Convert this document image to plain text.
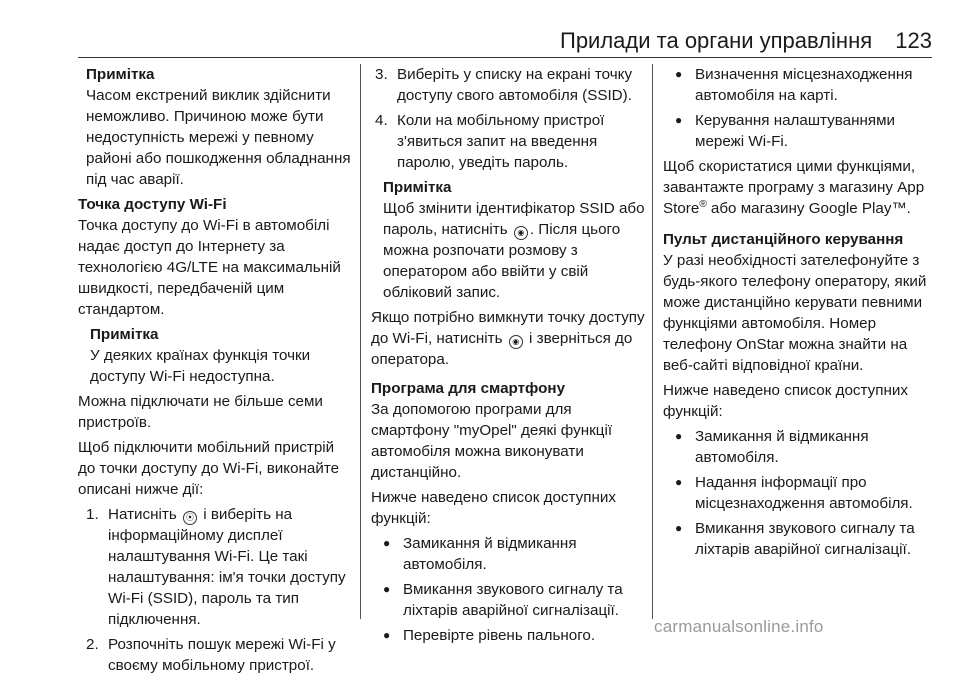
Прилади та органи управління 123
Примітка
Часом екстрений виклик здійснити неможливо. Причиною може бути недоступність мережі у певному районі або пошкодження обладнання під час аварії.
Точка доступу Wi-Fi
Точка доступу до Wi-Fi в автомобілі надає доступ до Інтернету за технологією 4G/LTE на максимальній швидкості, передбаченій цим стандартом.
Примітка
У деяких країнах функція точки доступу Wi-Fi недоступна.
Можна підключати не більше семи пристроїв.
Щоб підключити мобільний пристрій до точки доступу до Wi-Fi, виконайте описані нижче дії:
1. Натисніть ⦿ і виберіть на інформаційному дисплеї налаштування Wi-Fi. Це такі налаштування: ім'я точки доступу Wi-Fi (SSID), пароль та тип підключення.
2. Розпочніть пошук мережі Wi-Fi у своєму мобільному пристрої.
3. Виберіть у списку на екрані точку доступу свого автомобіля (SSID).
4. Коли на мобільному пристрої з'явиться запит на введення паролю, уведіть пароль.
Примітка
Щоб змінити ідентифікатор SSID або пароль, натисніть ◉ . Після цього можна розпочати розмову з оператором або ввійти у свій обліковий запис.
Якщо потрібно вимкнути точку доступу до Wi-Fi, натисніть ◉ і зверніться до оператора.
Програма для смартфону
За допомогою програми для смартфону "myOpel" деякі функції автомобіля можна виконувати дистанційно.
Нижче наведено список доступних функцій:
● Замикання й відмикання автомобіля.
● Вмикання звукового сигналу та ліхтарів аварійної сигналізації.
● Перевірте рівень пального.
● Визначення місцезнаходження автомобіля на карті.
● Керування налаштуваннями мережі Wi-Fi.
Щоб скористатися цими функціями, завантажте програму з магазину App Store® або магазину Google Play™.
Пульт дистанційного керування
У разі необхідності зателефонуйте з будь-якого телефону оператору, який може дистанційно керувати певними функціями автомобіля. Номер телефону OnStar можна знайти на веб-сайті відповідної країни.
Нижче наведено список доступних функцій:
● Замикання й відмикання автомобіля.
● Надання інформації про місцезнаходження автомобіля.
● Вмикання звукового сигналу та ліхтарів аварійної сигналізації.
carmanualsonline.info
